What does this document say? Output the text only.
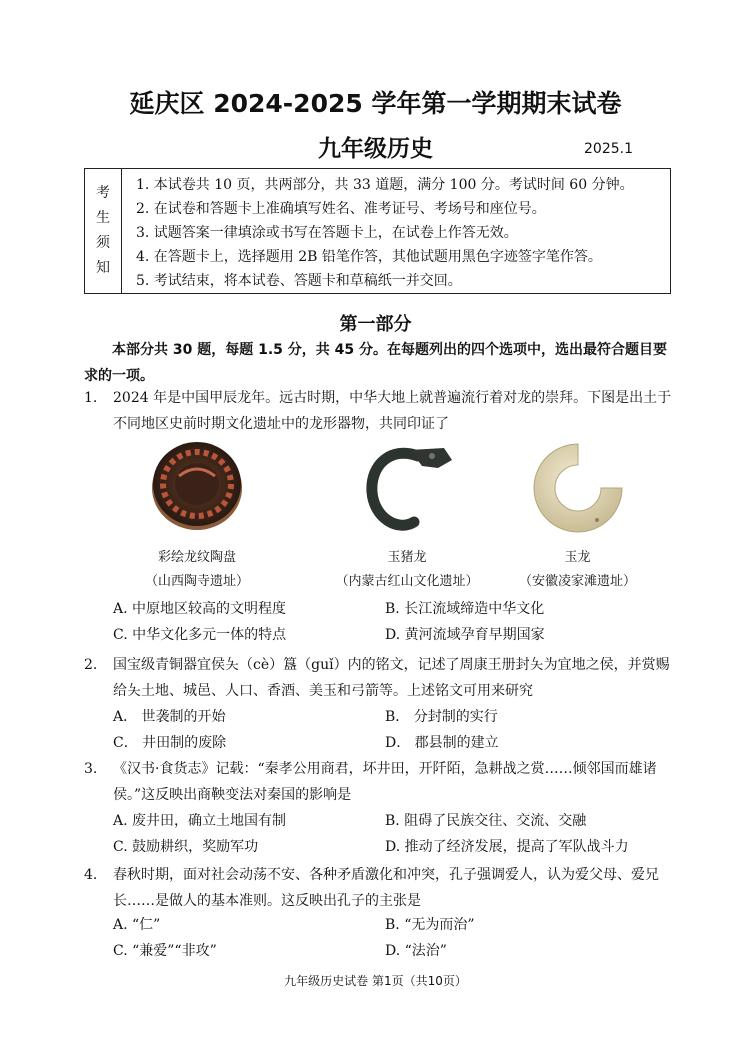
延庆区 2024-2025 学年第一学期期末试卷
九年级历史	2025.1
考
生
须
知
1. 本试卷共 10 页，共两部分，共 33 道题，满分 100 分。考试时间 60 分钟。
2. 在试卷和答题卡上准确填写姓名、准考证号、考场号和座位号。
3. 试题答案一律填涂或书写在答题卡上，在试卷上作答无效。
4. 在答题卡上，选择题用 2B 铅笔作答，其他试题用黑色字迹签字笔作答。
5. 考试结束，将本试卷、答题卡和草稿纸一并交回。
第一部分
本部分共 30 题，每题 1.5 分，共 45 分。在每题列出的四个选项中，选出最符合题目要求的一项。
1. 2024 年是中国甲辰龙年。远古时期，中华大地上就普遍流行着对龙的崇拜。下图是出土于不同地区史前时期文化遗址中的龙形器物，共同印证了
彩绘龙纹陶盘
（山西陶寺遗址）
玉猪龙
（内蒙古红山文化遗址）
玉龙
（安徽凌家滩遗址）
A. 中原地区较高的文明程度	B. 长江流域缔造中华文化
C. 中华文化多元一体的特点	D. 黄河流域孕育早期国家
2. 国宝级青铜器宜侯夨（cè）簋（guǐ）内的铭文，记述了周康王册封夨为宜地之侯，并赏赐给夨土地、城邑、人口、香酒、美玉和弓箭等。上述铭文可用来研究
A． 世袭制的开始	B． 分封制的实行
C． 井田制的废除	D． 郡县制的建立
3. 《汉书·食货志》记载：“秦孝公用商君，坏井田，开阡陌，急耕战之赏……倾邻国而雄诸侯。”这反映出商鞅变法对秦国的影响是
A. 废井田，确立土地国有制	B. 阻碍了民族交往、交流、交融
C. 鼓励耕织，奖励军功	D. 推动了经济发展，提高了军队战斗力
4. 春秋时期，面对社会动荡不安、各种矛盾激化和冲突，孔子强调爱人，认为爱父母、爱兄长……是做人的基本准则。这反映出孔子的主张是
A. “仁”	B. “无为而治”
C. “兼爱”“非攻”	D. “法治”
九年级历史试卷 第1页（共10页）
